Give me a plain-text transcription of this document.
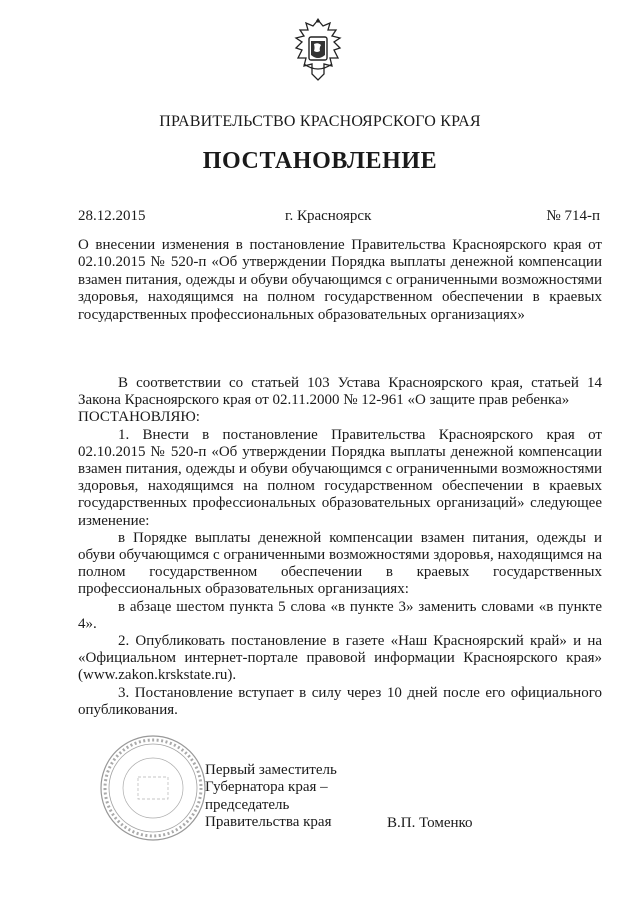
ПРАВИТЕЛЬСТВО КРАСНОЯРСКОГО КРАЯ
ПОСТАНОВЛЕНИЕ
28.12.2015	г. Красноярск	№ 714-п

О внесении изменения в постановление Правительства Красноярского края от 02.10.2015 № 520-п «Об утверждении Порядка выплаты денежной компенсации взамен питания, одежды и обуви обучающимся с ограниченными возможностями здоровья, находящимся на полном государственном обеспечении в краевых государственных профессиональных образовательных организациях»

В соответствии со статьей 103 Устава Красноярского края, статьей 14 Закона Красноярского края от 02.11.2000 № 12-961 «О защите прав ребенка»

ПОСТАНОВЛЯЮ:

1. Внести в постановление Правительства Красноярского края от 02.10.2015 № 520-п «Об утверждении Порядка выплаты денежной компенсации взамен питания, одежды и обуви обучающимся с ограниченными возможностями здоровья, находящимся на полном государственном обеспечении в краевых государственных профессиональных образовательных организаций» следующее изменение:

в Порядке выплаты денежной компенсации взамен питания, одежды и обуви обучающимся с ограниченными возможностями здоровья, находящимся на полном государственном обеспечении в краевых государственных профессиональных образовательных организациях:

в абзаце шестом пункта 5 слова «в пункте 3» заменить словами «в пункте 4».

2. Опубликовать постановление в газете «Наш Красноярский край» и на «Официальном интернет-портале правовой информации Красноярского края» (www.zakon.krskstate.ru).

3. Постановление вступает в силу через 10 дней после его официального опубликования.

Первый заместитель
Губернатора края –
председатель
Правительства края	В.П. Томенко
